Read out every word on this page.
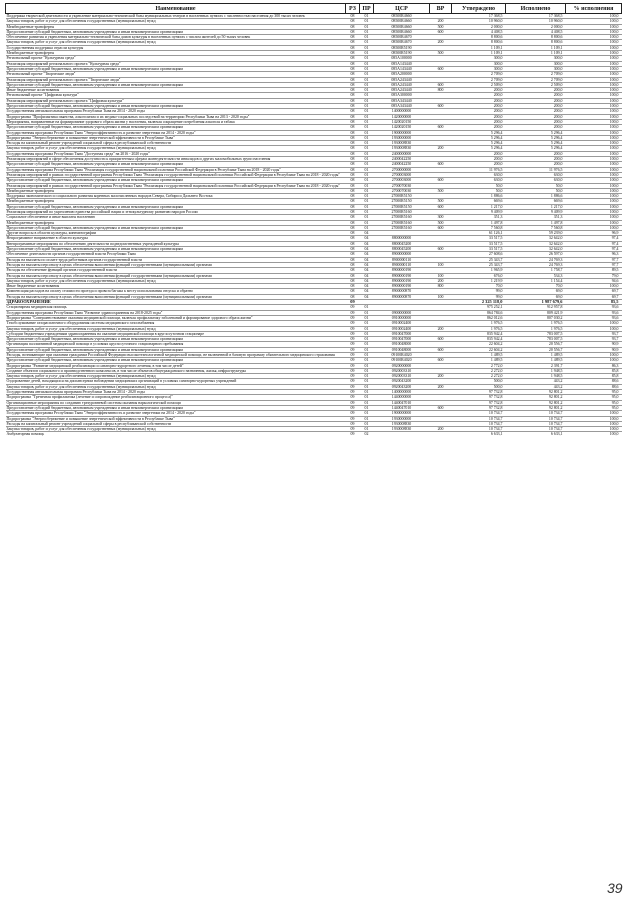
Наименование	РЗ	ПР	ЦСР	ВР	Утверждено	Исполнено	% исполнения
Поддержка творческой деятельности и укрепление материально-технической базы муниципальных театров в населенных пунктах с численностью населения до 300 тысяч человек	08	01	08500R4660		17 368,5	17 368,5	100,0
Закупка товаров, работ и услуг для обеспечения государственных (муниципальных) нужд	08	01	08500R4660	200	10 960,0	10 960,0	100,0
Межбюджетные трансферты	08	01	08500R4660	500	2 000,0	2 000,0	100,0
Предоставление субсидий бюджетным, автономным учреждениям и иным некоммерческим организациям	08	01	08500R4660	600	4 408,5	4 408,5	100,0
Обеспечение развития и укрепления материально-технической базы домов культуры в населенных пунктах с числом жителей до 50 тысяч человек	08	01	08500R4670		8 800,6	8 800,6	100,0
Закупка товаров, работ и услуг для обеспечения государственных (муниципальных) нужд	08	01	08500R4670	200	8 800,6	8 800,6	100,0
Государственная поддержка отрасли культуры	08	01	08500R5190		1 109,1	1 109,1	100,0
Межбюджетные трансферты	08	01	08500R5190	500	1 109,1	1 109,1	100,0
Региональный проект "Культурная среда"	08	01	085A100000		300,0	300,0	100,0
Реализация мероприятий регионального проекта "Культурная среда"	08	01	085A143440		300,0	300,0	100,0
Предоставление субсидий бюджетным, автономным учреждениям и иным некоммерческим организациям	08	01	085A143440	600	300,0	300,0	100,0
Региональный проект "Творческие люди"	08	01	085A200000		2 709,0	2 709,0	100,0
Реализация мероприятий регионального проекта "Творческие люди"	08	01	085A243440		2 709,0	2 709,0	100,0
Предоставление субсидий бюджетным, автономным учреждениям и иным некоммерческим организациям	08	01	085A243440	600	2 509,0	2 509,0	100,0
Иные бюджетные ассигнования	08	01	085A243440	800	200,0	200,0	100,0
Региональный проект "Цифровая культура"	08	01	085A300000		200,0	200,0	100,0
Реализация мероприятий регионального проекта "Цифровая культура"	08	01	085A343440		200,0	200,0	100,0
Предоставление субсидий бюджетным, автономным учреждениям и иным некоммерческим организациям	08	01	085A343440	600	200,0	200,0	100,0
Государственная антиалкогольная программа Республики Тыва на 2014 - 2020 годы	08	01	1400000000		200,0	200,0	100,0
Подпрограмма "Профилактика пьянства, алкоголизма и их медико-социальных последствий на территории Республики Тыва на 2013 - 2020 годы"	08	01	1420000000		200,0	200,0	100,0
Мероприятия, направленные на формирование здорового образа жизни у населения, включая сокращение потребления алкоголя и табака	08	01	1420020150		200,0	200,0	100,0
Предоставление субсидий бюджетным, автономным учреждениям и иным некоммерческим организациям	08	01	1420020150	600	200,0	200,0	100,0
Государственная программа Республики Тыва "Энергоэффективность и развитие энергетики на 2014 - 2020 годы"	08	01	1900000000		5 296,4	5 296,4	100,0
Подпрограмма "Энергосбережение и повышение энергетической эффективности в Республике Тыва"	08	01	1930000000		5 296,4	5 296,4	100,0
Расходы на капитальный ремонт учреждений социальной сферы в республиканской собственности	08	01	1930008830		5 296,4	5 296,4	100,0
Закупка товаров, работ и услуг для обеспечения государственных (муниципальных) нужд	08	01	1930008830	200	5 296,4	5 296,4	100,0
Государственная программа Республики Тыва "Доступная среда" на 2016 - 2020 годы"	08	01	2400000000		200,0	200,0	100,0
Реализация мероприятий в сфере обеспечения доступности к приоритетным сферам жизнедеятельности инвалидов и других маломобильных групп населения	08	01	2400042250		200,0	200,0	100,0
Предоставление субсидий бюджетным, автономным учреждениям и иным некоммерческим организациям	08	01	2400042250	600	200,0	200,0	100,0
Государственная программа Республики Тыва "Реализация государственной национальной политики Российской Федерации в Республике Тыва на 2018 - 2020 годы"	08	01	2700000000		11 976,5	11 976,5	100,0
Реализация мероприятий в рамках государственной программы Республики Тыва "Реализация государственной национальной политики Российской Федерации в Республике Тыва на 2018 - 2020 годы"	08	01	2700003000		630,0	630,0	100,0
Предоставление субсидий бюджетным, автономным учреждениям и иным некоммерческим организациям	08	01	2700003000	600	630,0	630,0	100,0
Реализация мероприятий в рамках государственной программы Республики Тыва "Реализация государственной национальной политики Российской Федерации в Республике Тыва на 2018 - 2020 годы"	08	01	2700070030		50,0	50,0	100,0
Межбюджетные трансферты	08	01	2700070030	500	50,0	50,0	100,0
Поддержка экономического и социального развития коренных малочисленных народов Севера, Сибири и Дальнего Востока	08	01	27000R5150		1 886,6	1 886,6	100,0
Межбюджетные трансферты	08	01	27000R5150	500	669,6	669,6	100,0
Предоставление субсидий бюджетным, автономным учреждениям и иным некоммерческим организациям	08	01	27000R5150	600	1 217,0	1 217,0	100,0
Реализация мероприятий по укреплению единства российской нации и этнокультурному развитию народов России	08	01	27000R5160		9 409,9	9 409,9	100,0
Социальное обеспечение и иные выплаты населению	08	01	27000R5160	300	351,3	351,3	100,0
Межбюджетные трансферты	08	01	27000R5160	500	1 497,8	1 497,8	100,0
Предоставление субсидий бюджетным, автономным учреждениям и иным некоммерческим организациям	08	01	27000R5160	600	7 560,8	7 560,8	100,0
Другие вопросы в области культуры, кинематографии	08	04			61 126,1	59 239,0	96,9
Непрограммное направление в области культуры	08	04	8800000000		33 517,5	32 642,0	97,4
Внепрограммные мероприятия по обеспечению деятельности подведомственных учреждений культуры	08	04	8800045200		33 517,5	32 642,0	97,4
Предоставление субсидий бюджетным, автономным учреждениям и иным некоммерческим организациям	08	04	8800045200	600	33 517,5	32 642,0	97,4
Обеспечение деятельности органов государственной власти Республики Тыва	08	04	8900000000		27 608,6	26 597,0	96,3
Расходы на выплаты по оплате труда работников органов государственной власти	08	04	8900000110		25 343,7	24 769,3	97,7
Расходы на выплаты персоналу в целях обеспечения выполнения функций государственными (муниципальными) органами	08	04	8900000110	100	25 343,7	24 769,3	97,7
Расходы на обеспечение функций органов государственной власти	08	04	8900000190		1 965,9	1 758,7	89,5
Расходы на выплаты персоналу в целях обеспечения выполнения функций государственными (муниципальными) органами	08	04	8900000190	100	676,0	534,3	79,0
Закупка товаров, работ и услуг для обеспечения государственных (муниципальных) нужд	08	04	8900000190	200	1 219,9	1 154,4	94,6
Иные бюджетные ассигнования	08	04	8900000190	800	70,0	70,0	100,0
Компенсация расходов на оплату стоимости проезда и провоза багажа к месту использования отпуска и обратно	08	04	8900000870		99,0	69,0	69,7
Расходы на выплаты персоналу в целях обеспечения выполнения функций государственными (муниципальными) органами	08	04	8900000870	100	99,0	69,0	69,7
ЗДРАВООХРАНЕНИЕ	09				2 325 118,0	1 987 679,6	85,5
Стационарная медицинская помощь	09	01			975 252,1	912 957,8	93,6
Государственная программа Республики Тыва "Развитие здравоохранения на 2018-2025 годы"	09	01	0900000000		864 784,6	809 421,9	93,6
Подпрограмма "Совершенствование оказания медицинской помощи, включая профилактику заболеваний и формирование здорового образа жизни"	09	01	0910000000		862 012,6	807 030,2	93,6
Техобслуживание газораспаточного оборудования системы медицинского газоснабжения	09	01	0910002400		1 976,5	1 976,5	100,0
Закупка товаров, работ и услуг для обеспечения государственных (муниципальных) нужд	09	01	0910002400	200	1 976,5	1 976,5	100,0
Субсидии бюджетным учреждениям здравоохранения на оказание медицинской помощи в круглосуточном стационаре	09	01	0910047000		835 942,4	783 007,5	93,7
Предоставление субсидий бюджетным, автономным учреждениям и иным некоммерческим организациям	09	01	0910047000	600	835 942,4	783 007,5	93,7
Организация паллиативной медицинской помощи в условиях круглосуточного стационарного пребывания	09	01	0910048000		22 604,2	20 556,7	90,9
Предоставление субсидий бюджетным, автономным учреждениям и иным некоммерческим организациям	09	01	0910048000	600	22 604,2	20 556,7	90,9
Расходы, возникающие при оказании гражданам Российской Федерации высокотехнологичной медицинской помощи, не включенной в базовую программу обязательного медицинского страхования	09	01	09100R4020		1 489,5	1 489,5	100,0
Предоставление субсидий бюджетным, автономным учреждениям и иным некоммерческим организациям	09	01	09100R4020	600	1 489,5	1 489,5	100,0
Подпрограмма "Развитие медицинской реабилитации и санаторно-курортного лечения, в том числе детей"	09	01	0920000000		2 772,0	2 391,7	86,3
Создание объектов социального и производственного комплексов, в том числе объектов общегражданского назначения, жилья, инфраструктуры	09	01	0920003310		2 272,0	1 948,5	85,8
Закупка товаров, работ и услуг для обеспечения государственных (муниципальных) нужд	09	01	0920003310	200	2 272,0	1 948,5	85,8
Оздоровление детей, находящихся на диспансерном наблюдении медицинских организаций в условиях санаторно-курортных учреждений	09	01	0920043200		500,0	443,2	88,6
Закупка товаров, работ и услуг для обеспечения государственных (муниципальных) нужд	09	01	0920043200	200	500,0	443,2	88,6
Государственная антиалкогольная программа Республики Тыва на 2014 - 2020 годы	09	01	1400000000		97 732,8	92 801,2	95,0
Подпрограмма "Третичная профилактика (лечение и сопровождение реабилитационного процесса)"	09	01	1440000000		97 732,8	92 801,2	95,0
Организационные мероприятия по созданию трехуровневой системы оказания наркологической помощи	09	01	1440047010		97 732,8	92 801,2	95,0
Предоставление субсидий бюджетным, автономным учреждениям и иным некоммерческим организациям	09	01	1440047010	600	97 732,8	92 801,2	95,0
Государственная программа Республики Тыва "Энергоэффективность и развитие энергетики на 2014 - 2020 годы"	09	01	1900000000		10 734,7	10 734,7	100,0
Подпрограмма "Энергосбережение и повышение энергетической эффективности в Республике Тыва"	09	01	1930000000		10 734,7	10 734,7	100,0
Расходы на капитальный ремонт учреждений социальной сферы в республиканской собственности	09	01	1930008830		10 734,7	10 734,7	100,0
Закупка товаров, работ и услуг для обеспечения государственных (муниципальных) нужд	09	01	1930008830	200	10 734,7	10 734,7	100,0
Амбулаторная помощь	09	02			6 633,1	6 633,1	100,0
39
